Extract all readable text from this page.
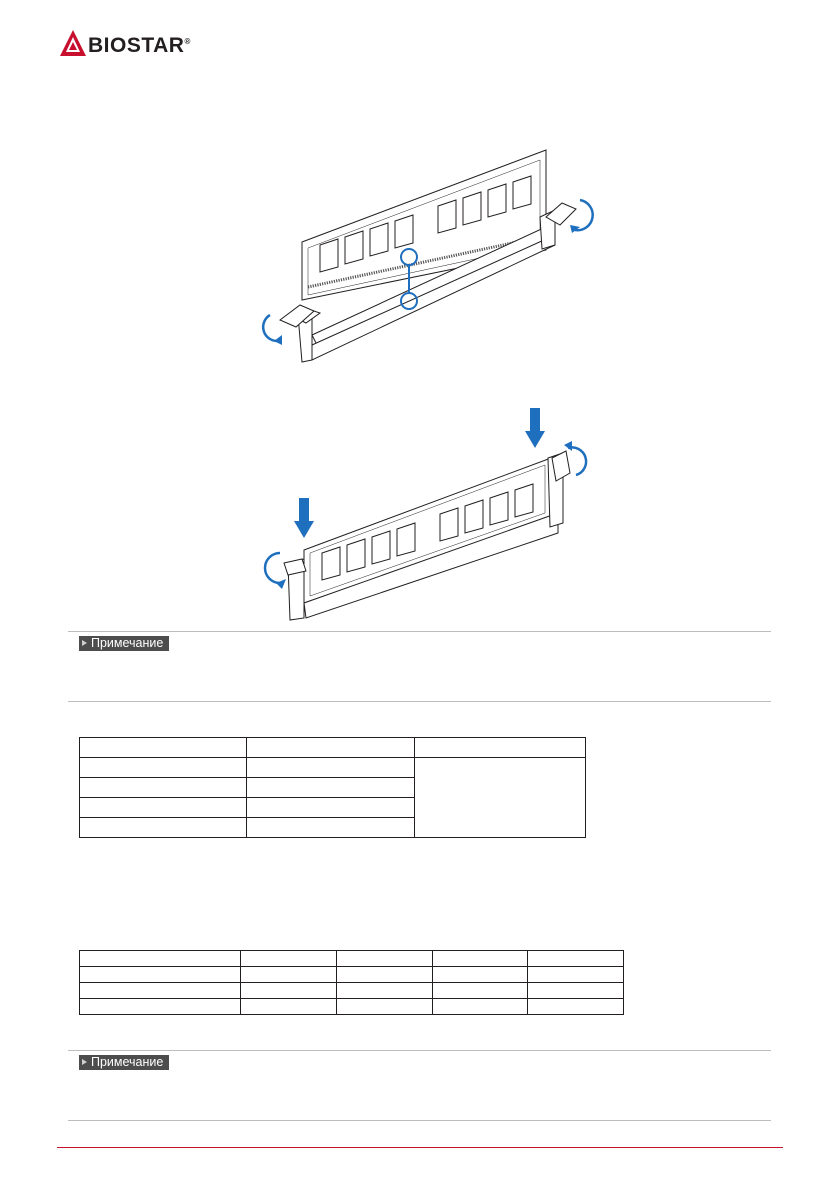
BIOSTAR®
Примечание

Примечание
